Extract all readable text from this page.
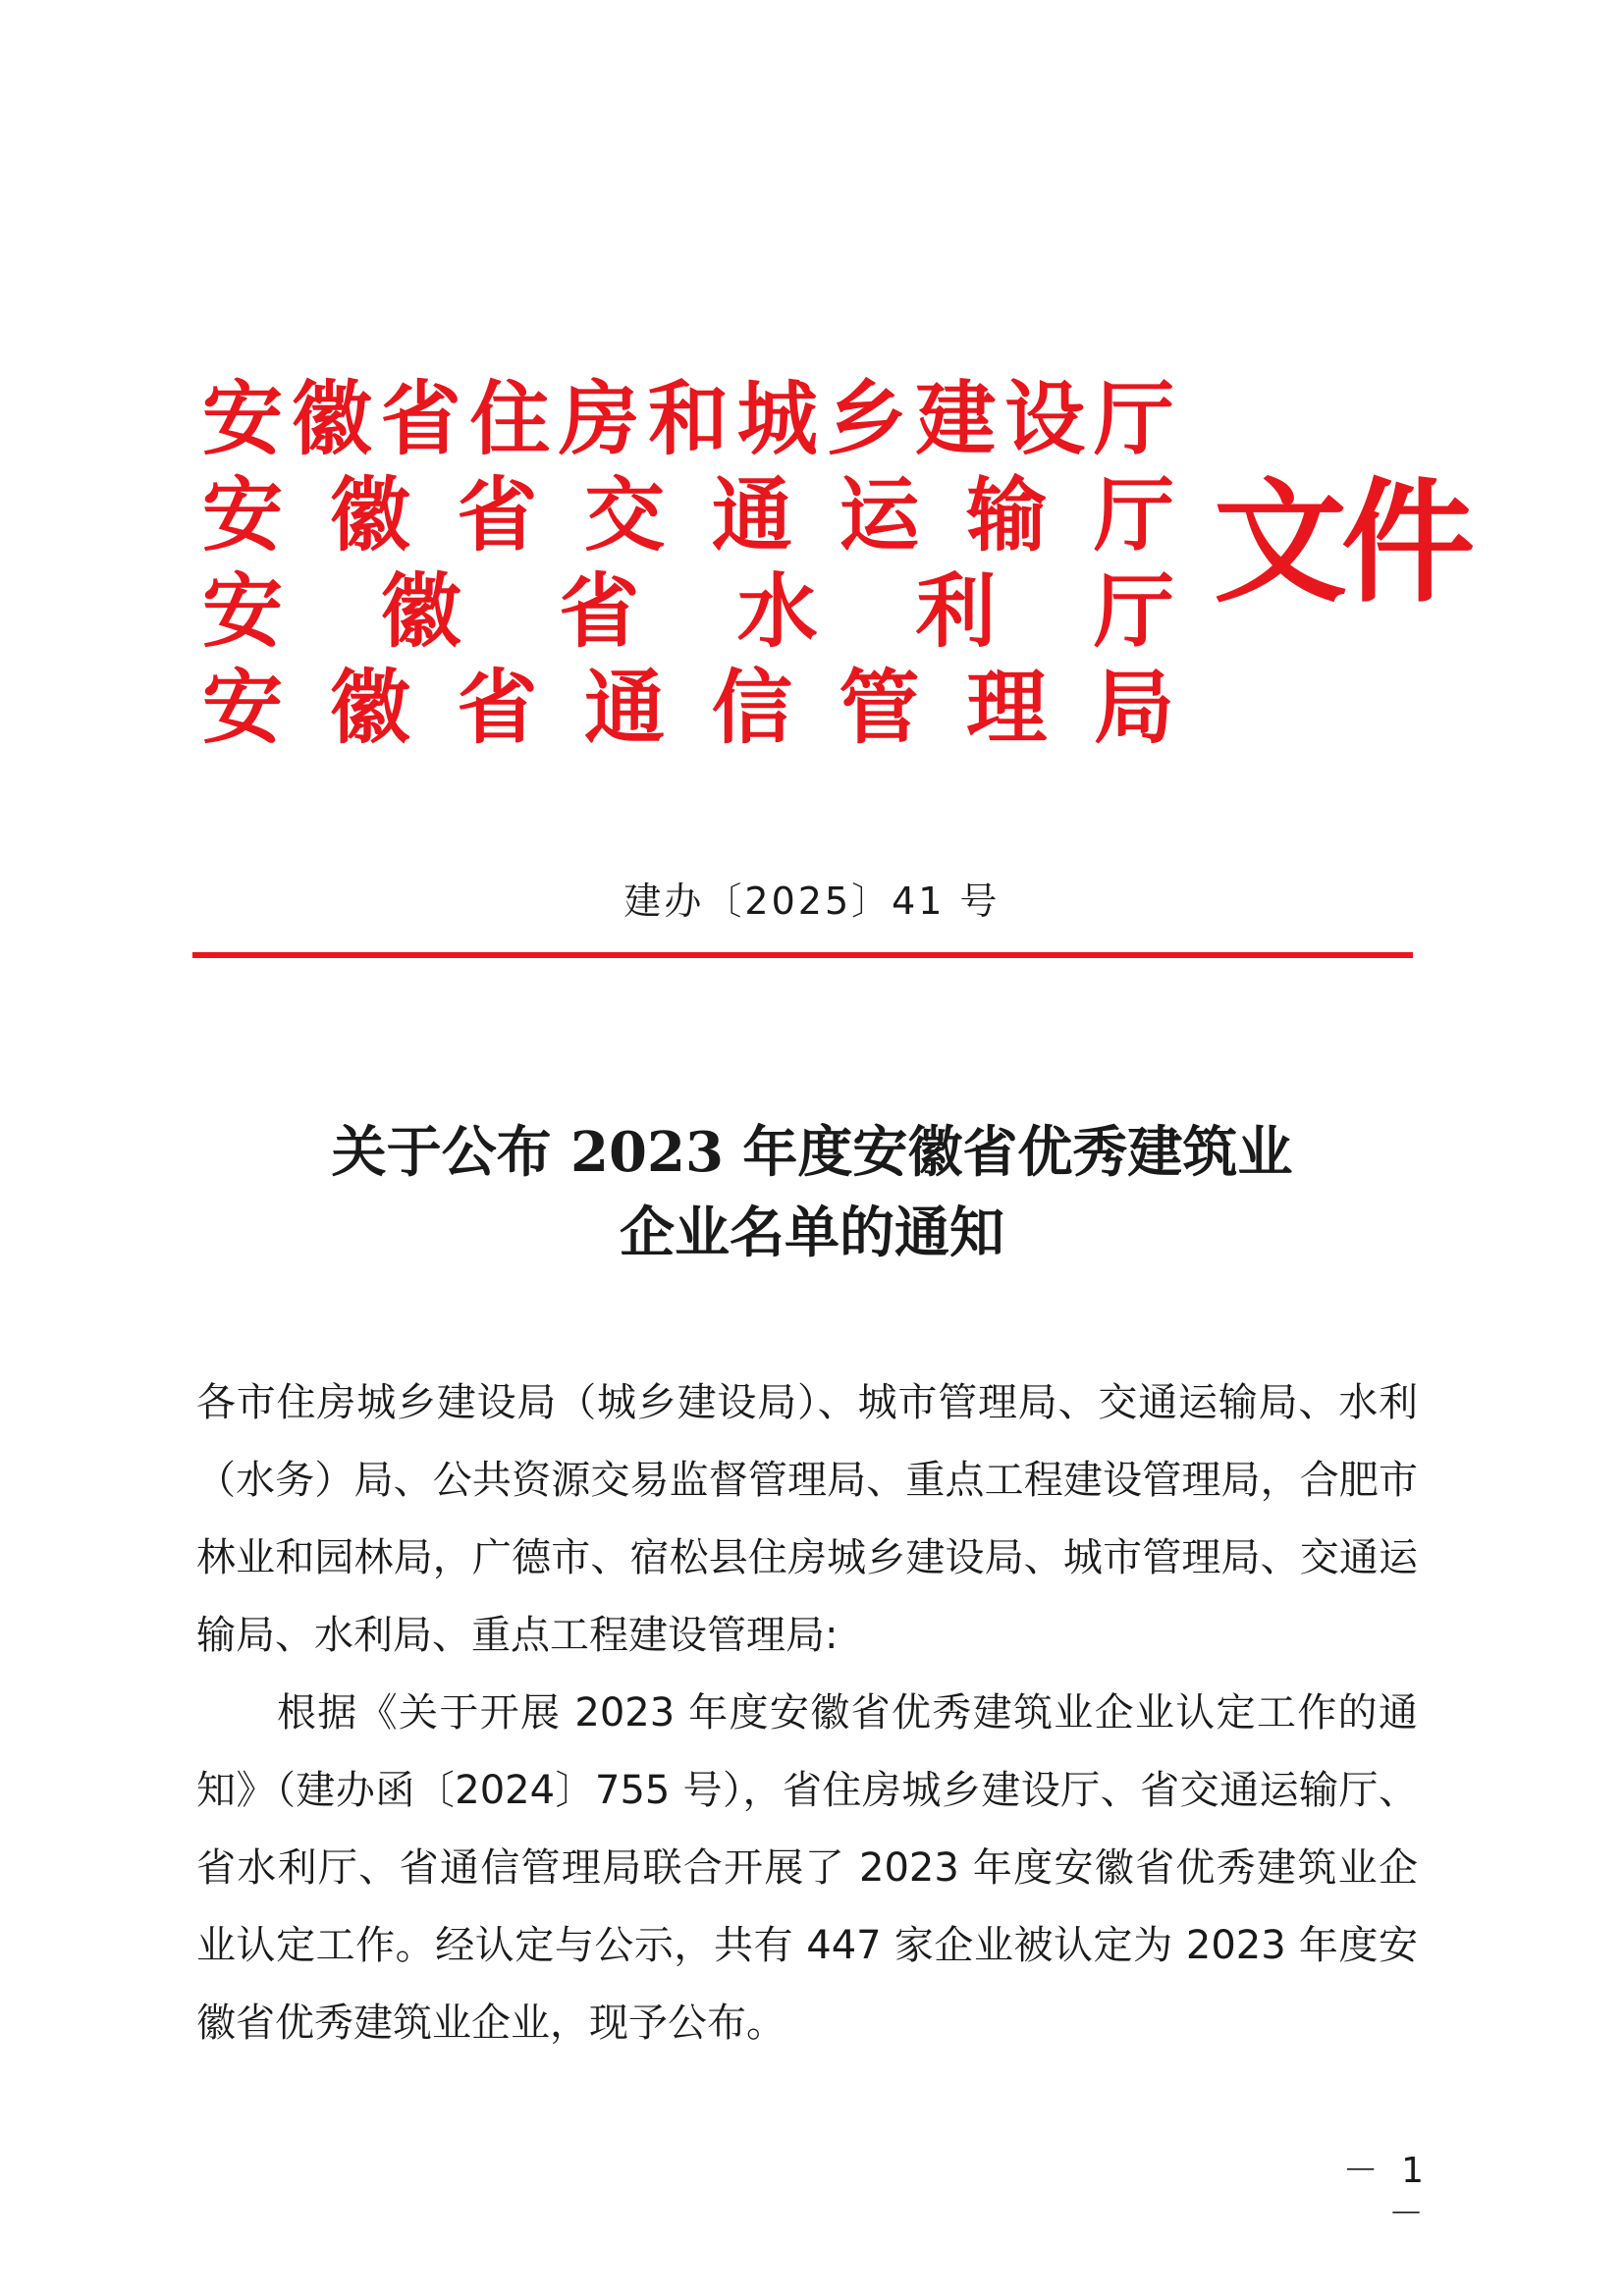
安徽省住房和城乡建设厅
安徽省交通运输厅
安徽省水利厅
安徽省通信管理局
文件
建办〔2025〕41 号
关于公布 2023 年度安徽省优秀建筑业
企业名单的通知

各市住房城乡建设局（城乡建设局）、城市管理局、交通运输局、水利（水务）局、公共资源交易监督管理局、重点工程建设管理局，合肥市林业和园林局，广德市、宿松县住房城乡建设局、城市管理局、交通运输局、水利局、重点工程建设管理局:

根据《关于开展 2023 年度安徽省优秀建筑业企业认定工作的通知》（建办函〔2024〕755 号），省住房城乡建设厅、省交通运输厅、省水利厅、省通信管理局联合开展了 2023 年度安徽省优秀建筑业企业认定工作。经认定与公示，共有 447 家企业被认定为 2023 年度安徽省优秀建筑业企业，现予公布。

－ 1 －
